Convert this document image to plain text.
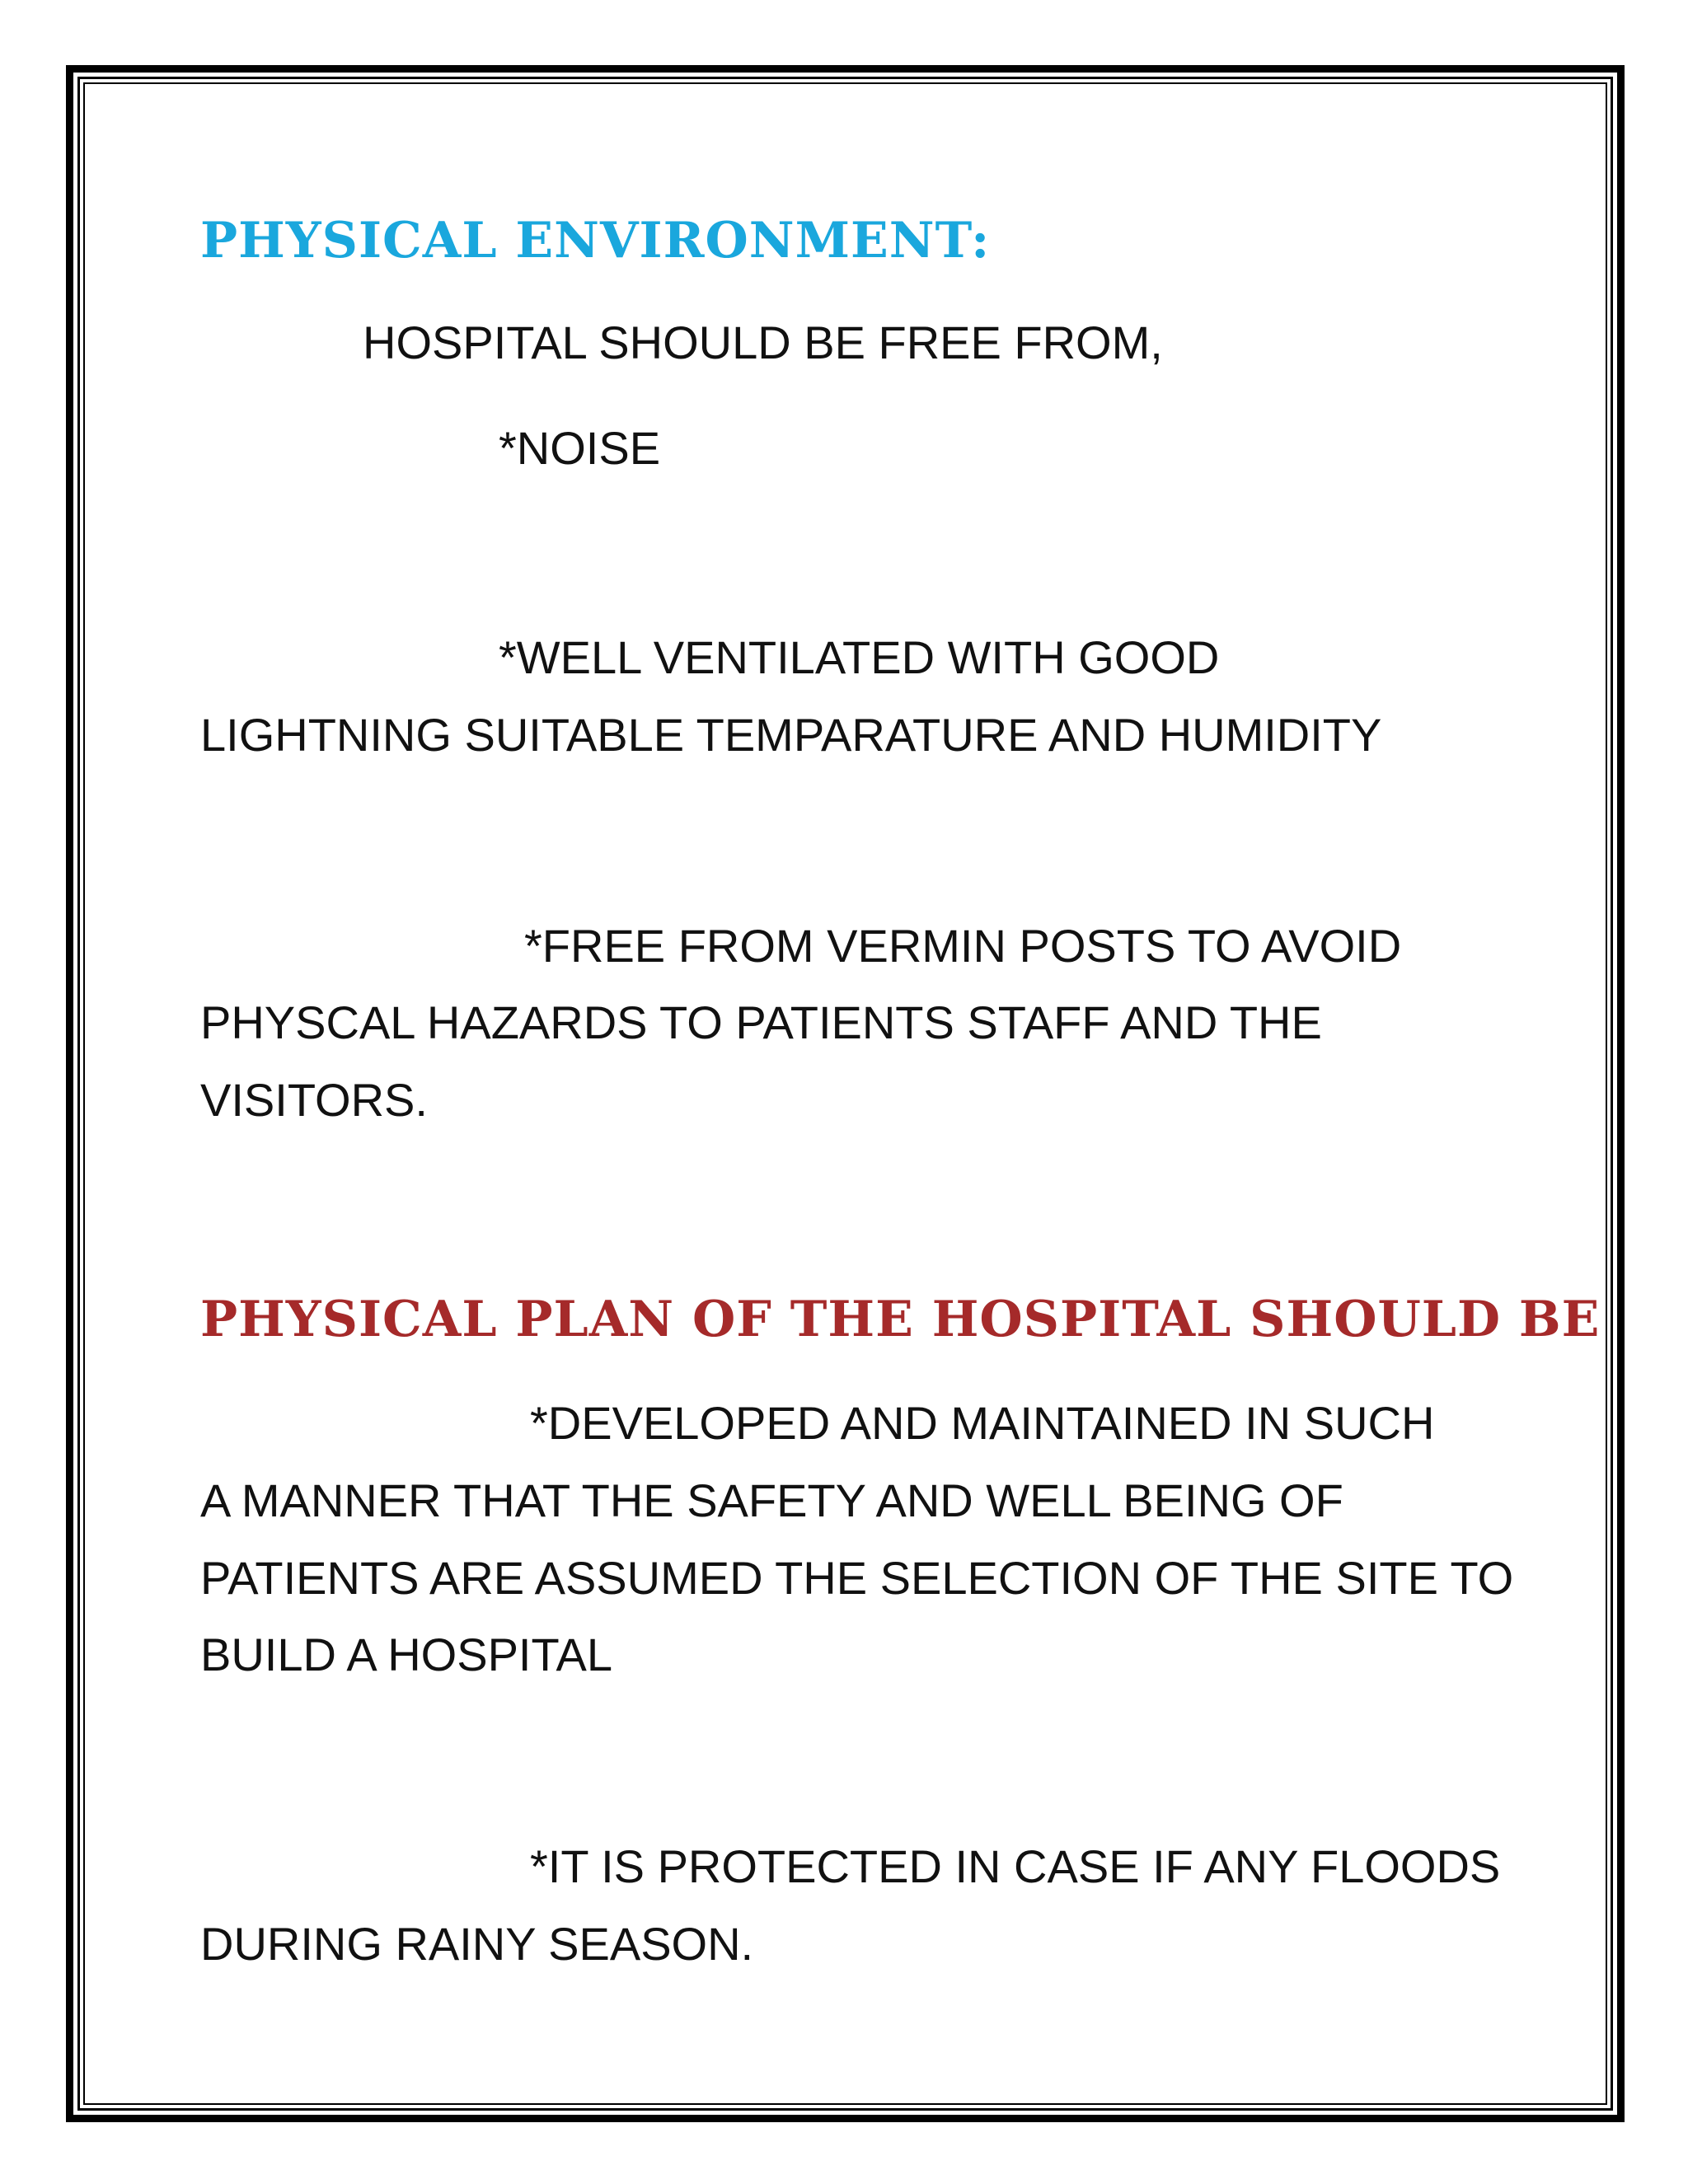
PHYSICAL ENVIRONMENT:
HOSPITAL SHOULD BE FREE FROM,
*NOISE
*WELL VENTILATED WITH GOOD
LIGHTNING SUITABLE TEMPARATURE AND HUMIDITY
*FREE FROM VERMIN POSTS TO AVOID
PHYSCAL HAZARDS TO PATIENTS STAFF AND THE
VISITORS.
PHYSICAL PLAN OF THE HOSPITAL SHOULD BE
*DEVELOPED AND MAINTAINED IN SUCH
A MANNER THAT THE SAFETY AND WELL BEING OF
PATIENTS ARE ASSUMED THE SELECTION OF THE SITE TO
BUILD A HOSPITAL
*IT IS PROTECTED IN CASE IF ANY FLOODS
DURING RAINY SEASON.
